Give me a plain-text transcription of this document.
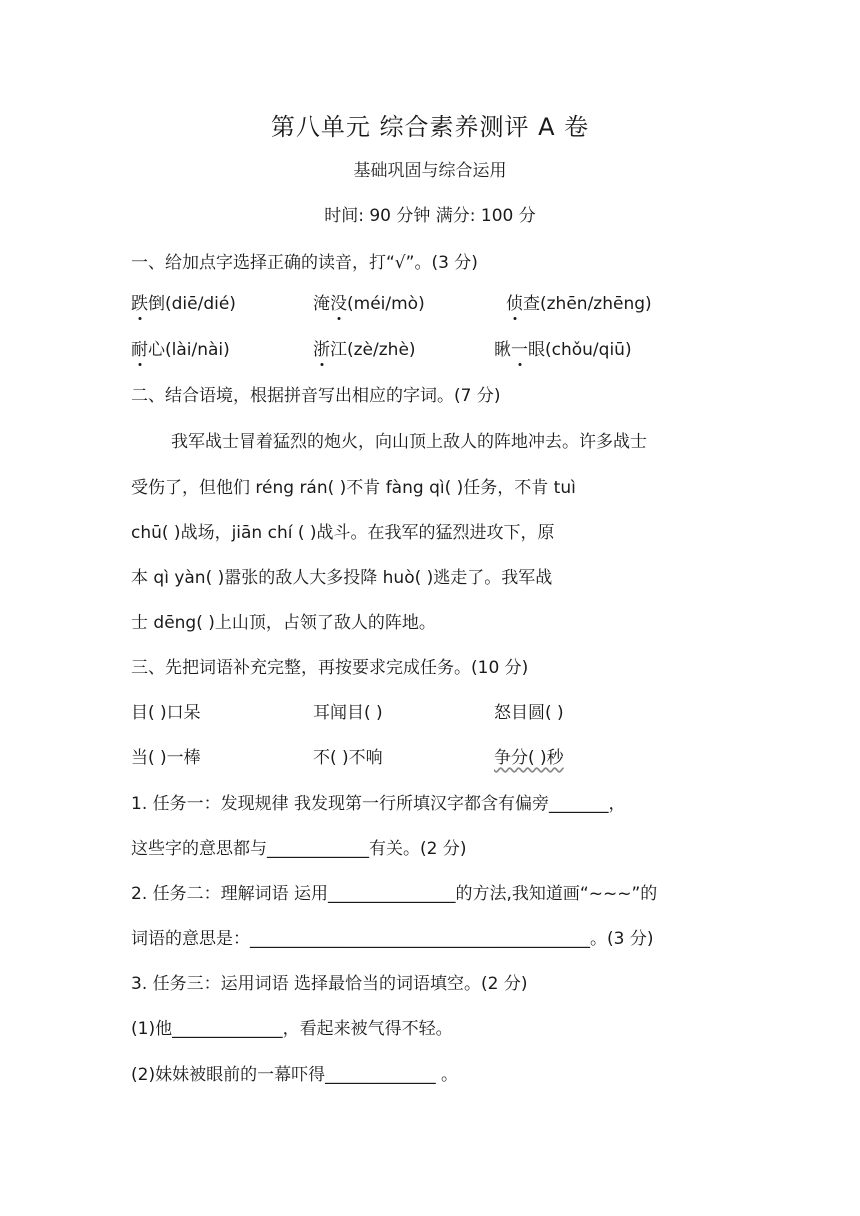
第八单元 综合素养测评 A 卷
基础巩固与综合运用
时间: 90 分钟 满分: 100 分
一、给加点字选择正确的读音，打“√”。(3 分)
跌倒(diē/dié)	淹没(méi/mò)	侦查(zhēn/zhēng)
耐心(lài/nài)	浙江(zè/zhè)	瞅一眼(chǒu/qiū)
二、结合语境，根据拼音写出相应的字词。(7 分)
我军战士冒着猛烈的炮火，向山顶上敌人的阵地冲去。许多战士
受伤了，但他们 réng rán( )不肯 fàng qì( )任务，不肯 tuì
chū( )战场，jiān chí ( )战斗。在我军的猛烈进攻下，原
本 qì yàn( )嚣张的敌人大多投降 huò( )逃走了。我军战
士 dēng( )上山顶，占领了敌人的阵地。
三、先把词语补充完整，再按要求完成任务。(10 分)
目( )口呆	耳闻目( )	怒目圆( )
当( )一棒	不( )不响	争分( )秒
1. 任务一：发现规律 我发现第一行所填汉字都含有偏旁_______，
这些字的意思都与____________有关。(2 分)
2. 任务二：理解词语 运用_______________的方法,我知道画“~~~”的
词语的意思是：________________________________________。(3 分)
3. 任务三：运用词语 选择最恰当的词语填空。(2 分)
(1)他_____________，看起来被气得不轻。
(2)妹妹被眼前的一幕吓得_____________ 。
